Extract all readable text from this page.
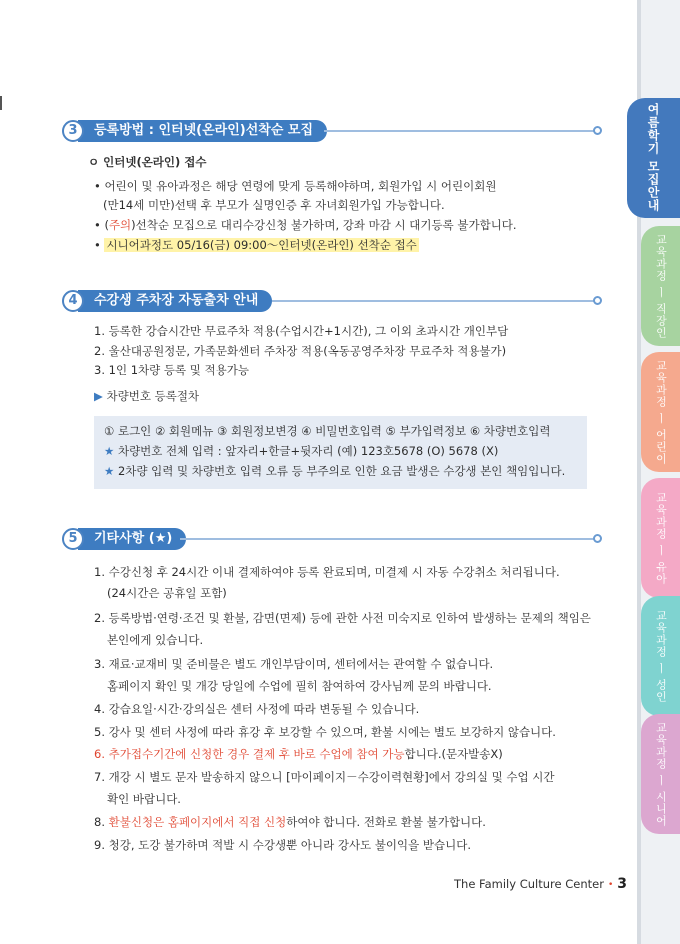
여름학기 모집안내
교육과정 ㅣ 직장인
교육과정 ㅣ 어린이
교육과정 ㅣ 유아
교육과정 ㅣ 성인
교육과정 ㅣ 시니어
3	등록방법 : 인터넷(온라인)선착순 모집
ㅇ 인터넷(온라인) 접수
• 어린이 및 유아과정은 해당 연령에 맞게 등록해야하며, 회원가입 시 어린이회원
(만14세 미만)선택 후 부모가 실명인증 후 자녀회원가입 가능합니다.
• (주의)선착순 모집으로 대리수강신청 불가하며, 강좌 마감 시 대기등록 불가합니다.
• 시니어과정도 05/16(금) 09:00～인터넷(온라인) 선착순 접수
4	수강생 주차장 자동출차 안내
1. 등록한 강습시간만 무료주차 적용(수업시간+1시간), 그 이외 초과시간 개인부담
2. 울산대공원정문, 가족문화센터 주차장 적용(옥동공영주차장 무료주차 적용불가)
3. 1인 1차량 등록 및 적용가능
▶ 차량번호 등록절차
① 로그인 ② 회원메뉴 ③ 회원정보변경 ④ 비밀번호입력 ⑤ 부가입력정보 ⑥ 차량번호입력
★ 차량번호 전체 입력 : 앞자리+한글+뒷자리 (예) 123호5678 (O) 5678 (X)
★ 2차량 입력 및 차량번호 입력 오류 등 부주의로 인한 요금 발생은 수강생 본인 책임입니다.
5	기타사항 (★)
1. 수강신청 후 24시간 이내 결제하여야 등록 완료되며, 미결제 시 자동 수강취소 처리됩니다.
(24시간은 공휴일 포함)
2. 등록방법·연령·조건 및 환불, 감면(면제) 등에 관한 사전 미숙지로 인하여 발생하는 문제의 책임은
본인에게 있습니다.
3. 재료·교재비 및 준비물은 별도 개인부담이며, 센터에서는 관여할 수 없습니다.
홈페이지 확인 및 개강 당일에 수업에 필히 참여하여 강사님께 문의 바랍니다.
4. 강습요일·시간·강의실은 센터 사정에 따라 변동될 수 있습니다.
5. 강사 및 센터 사정에 따라 휴강 후 보강할 수 있으며, 환불 시에는 별도 보강하지 않습니다.
6. 추가접수기간에 신청한 경우 결제 후 바로 수업에 참여 가능합니다.(문자발송X)
7. 개강 시 별도 문자 발송하지 않으니 [마이페이지－수강이력현황]에서 강의실 및 수업 시간
확인 바랍니다.
8. 환불신청은 홈페이지에서 직접 신청하여야 합니다. 전화로 환불 불가합니다.
9. 청강, 도강 불가하며 적발 시 수강생뿐 아니라 강사도 불이익을 받습니다.
The Family Culture Center • 3
